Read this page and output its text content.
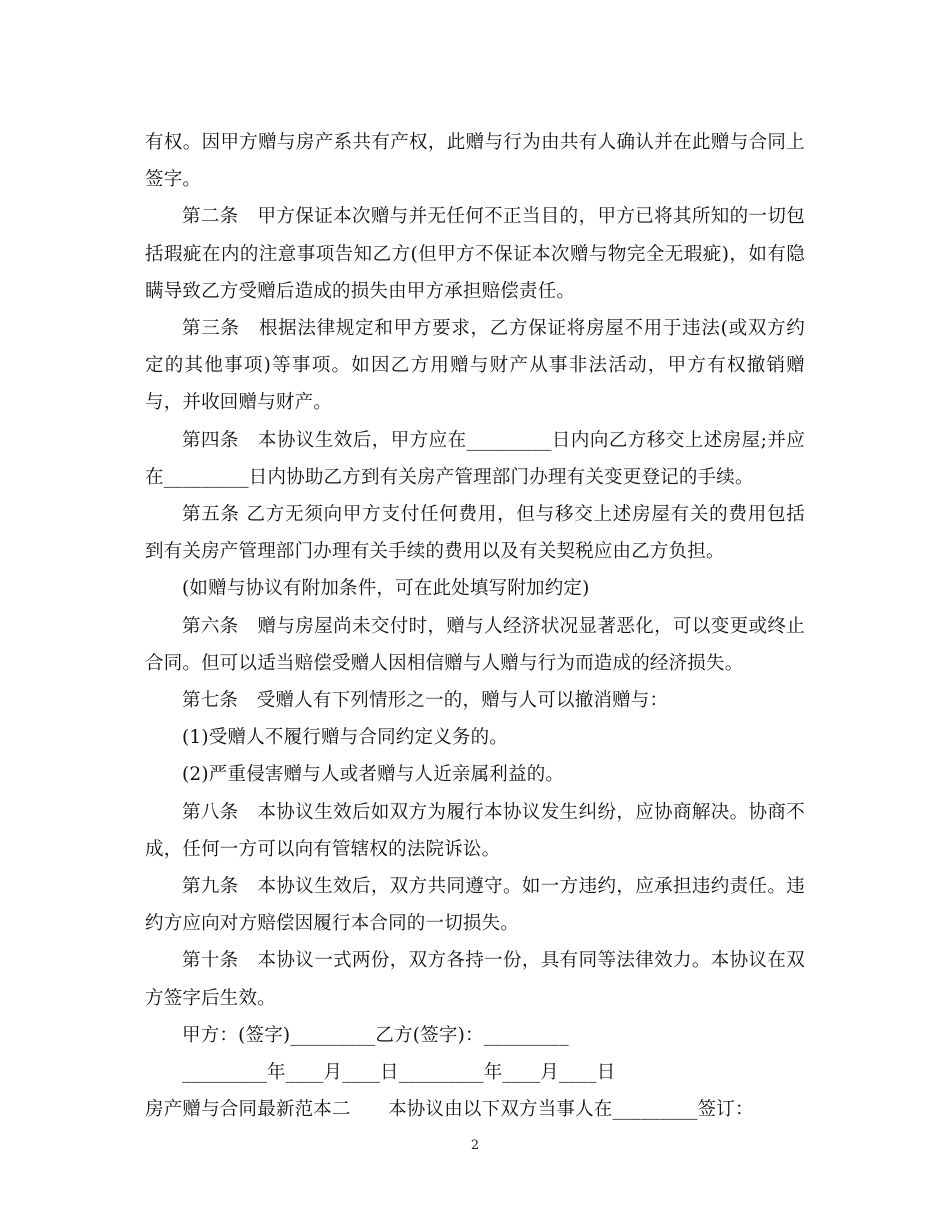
有权。因甲方赠与房产系共有产权，此赠与行为由共有人确认并在此赠与合同上签字。

第二条　甲方保证本次赠与并无任何不正当目的，甲方已将其所知的一切包括瑕疵在内的注意事项告知乙方(但甲方不保证本次赠与物完全无瑕疵)，如有隐瞒导致乙方受赠后造成的损失由甲方承担赔偿责任。

第三条　根据法律规定和甲方要求，乙方保证将房屋不用于违法(或双方约定的其他事项)等事项。如因乙方用赠与财产从事非法活动，甲方有权撤销赠与，并收回赠与财产。

第四条　本协议生效后，甲方应在_________日内向乙方移交上述房屋;并应在_________日内协助乙方到有关房产管理部门办理有关变更登记的手续。

第五条 乙方无须向甲方支付任何费用，但与移交上述房屋有关的费用包括到有关房产管理部门办理有关手续的费用以及有关契税应由乙方负担。

(如赠与协议有附加条件，可在此处填写附加约定)

第六条　赠与房屋尚未交付时，赠与人经济状况显著恶化，可以变更或终止合同。但可以适当赔偿受赠人因相信赠与人赠与行为而造成的经济损失。

第七条　受赠人有下列情形之一的，赠与人可以撤消赠与：

(1)受赠人不履行赠与合同约定义务的。

(2)严重侵害赠与人或者赠与人近亲属利益的。

第八条　本协议生效后如双方为履行本协议发生纠纷，应协商解决。协商不成，任何一方可以向有管辖权的法院诉讼。

第九条　本协议生效后，双方共同遵守。如一方违约，应承担违约责任。违约方应向对方赔偿因履行本合同的一切损失。

第十条　本协议一式两份，双方各持一份，具有同等法律效力。本协议在双方签字后生效。

甲方：(签字)_________乙方(签字)：_________

_________年____月____日_________年____月____日

房产赠与合同最新范本二　　本协议由以下双方当事人在_________签订：

2
